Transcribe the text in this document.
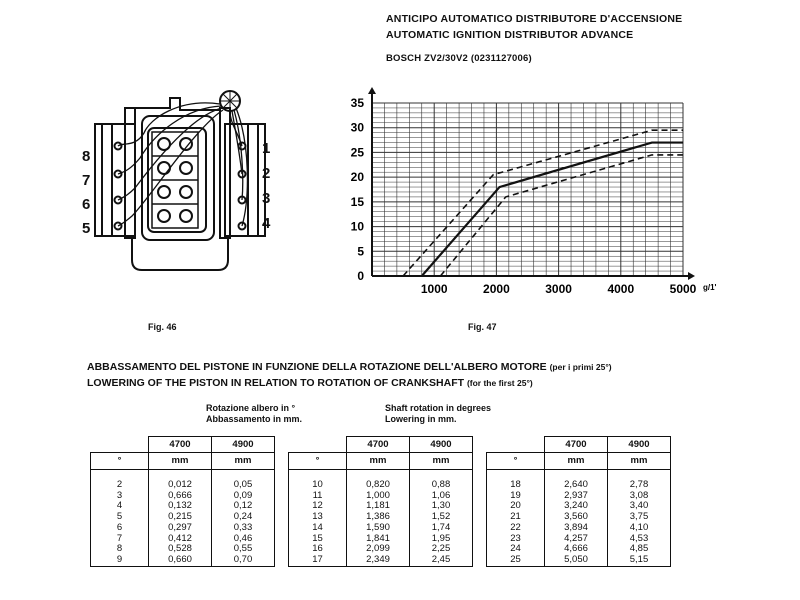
ANTICIPO AUTOMATICO DISTRIBUTORE D'ACCENSIONE
AUTOMATIC IGNITION DISTRIBUTOR ADVANCE
BOSCH ZV2/30V2 (0231127006)
8
7
6
5
1
2
3
4
Fig. 46
0
5
10
15
20
25
30
35
1000	2000	3000	4000	5000 g/1'
Fig. 47
ABBASSAMENTO DEL PISTONE IN FUNZIONE DELLA ROTAZIONE DELL'ALBERO MOTORE (per i primi 25°)
LOWERING OF THE PISTON IN RELATION TO ROTATION OF CRANKSHAFT (for the first 25°)
Rotazione albero in °
Abbassamento in mm.
Shaft rotation in degrees
Lowering in mm.
	4700	4900
°	mm	mm

2	0,012	0,05
3	0,666	0,09
4	0,132	0,12
5	0,215	0,24
6	0,297	0,33
7	0,412	0,46
8	0,528	0,55
9	0,660	0,70
	4700	4900
°	mm	mm

10	0,820	0,88
11	1,000	1,06
12	1,181	1,30
13	1,386	1,52
14	1,590	1,74
15	1,841	1,95
16	2,099	2,25
17	2,349	2,45
	4700	4900
°	mm	mm

18	2,640	2,78
19	2,937	3,08
20	3,240	3,40
21	3,560	3,75
22	3,894	4,10
23	4,257	4,53
24	4,666	4,85
25	5,050	5,15
